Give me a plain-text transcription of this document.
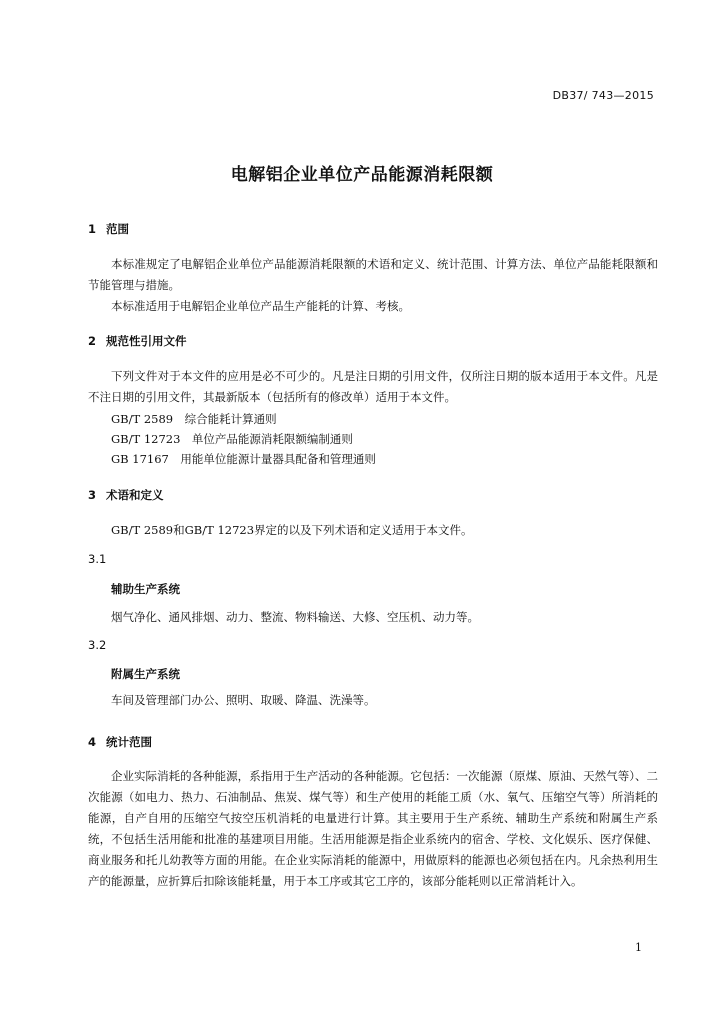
DB37/ 743—2015
电解铝企业单位产品能源消耗限额
1 范围

本标准规定了电解铝企业单位产品能源消耗限额的术语和定义、统计范围、计算方法、单位产品能耗限额和节能管理与措施。

本标准适用于电解铝企业单位产品生产能耗的计算、考核。

2 规范性引用文件

下列文件对于本文件的应用是必不可少的。凡是注日期的引用文件，仅所注日期的版本适用于本文件。凡是不注日期的引用文件，其最新版本（包括所有的修改单）适用于本文件。

GB/T 2589　综合能耗计算通则

GB/T 12723　单位产品能源消耗限额编制通则

GB 17167　用能单位能源计量器具配备和管理通则

3 术语和定义

GB/T 2589和GB/T 12723界定的以及下列术语和定义适用于本文件。

3.1
辅助生产系统

烟气净化、通风排烟、动力、整流、物料输送、大修、空压机、动力等。

3.2
附属生产系统

车间及管理部门办公、照明、取暖、降温、洗澡等。

4 统计范围

企业实际消耗的各种能源，系指用于生产活动的各种能源。它包括：一次能源（原煤、原油、天然气等）、二次能源（如电力、热力、石油制品、焦炭、煤气等）和生产使用的耗能工质（水、氧气、压缩空气等）所消耗的能源，自产自用的压缩空气按空压机消耗的电量进行计算。其主要用于生产系统、辅助生产系统和附属生产系统，不包括生活用能和批准的基建项目用能。生活用能源是指企业系统内的宿舍、学校、文化娱乐、医疗保健、商业服务和托儿幼教等方面的用能。在企业实际消耗的能源中，用做原料的能源也必须包括在内。凡余热利用生产的能源量，应折算后扣除该能耗量，用于本工序或其它工序的，该部分能耗则以正常消耗计入。

1
